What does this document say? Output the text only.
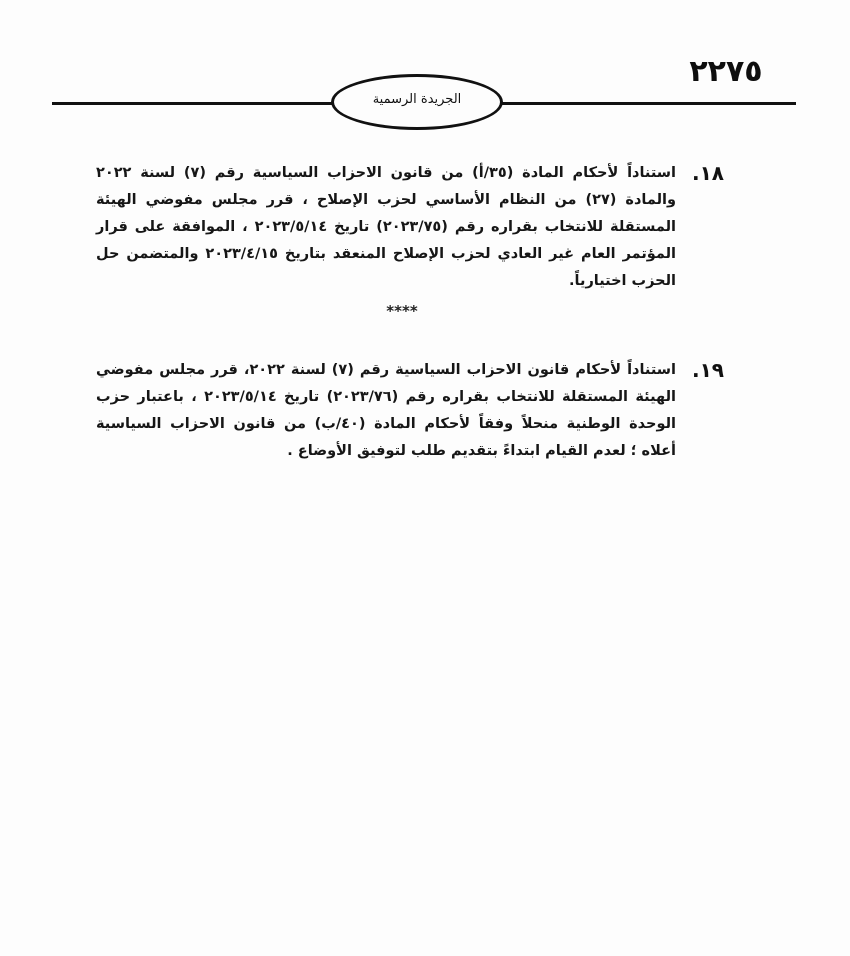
٢٢٧٥
الجريدة الرسمية
١٨.
استناداً لأحكام المادة (٣٥/أ) من قانون الاحزاب السياسية رقم (٧) لسنة ٢٠٢٢ والمادة (٢٧) من النظام الأساسي لحزب الإصلاح ، قرر مجلس مفوضي الهيئة المستقلة للانتخاب بقراره رقم (٢٠٢٣/٧٥) تاريخ ٢٠٢٣/٥/١٤ ، الموافقة على قرار المؤتمر العام غير العادي لحزب الإصلاح المنعقد بتاريخ ٢٠٢٣/٤/١٥ والمتضمن حل الحزب اختيارياً.
****
١٩.
استناداً لأحكام قانون الاحزاب السياسية رقم (٧) لسنة ٢٠٢٢، قرر مجلس مفوضي الهيئة المستقلة للانتخاب بقراره رقم (٢٠٢٣/٧٦) تاريخ ٢٠٢٣/٥/١٤ ، باعتبار حزب الوحدة الوطنية منحلاً وفقاً لأحكام المادة (٤٠/ب) من قانون الاحزاب السياسية أعلاه ؛ لعدم القيام ابتداءً بتقديم طلب لتوفيق الأوضاع .
